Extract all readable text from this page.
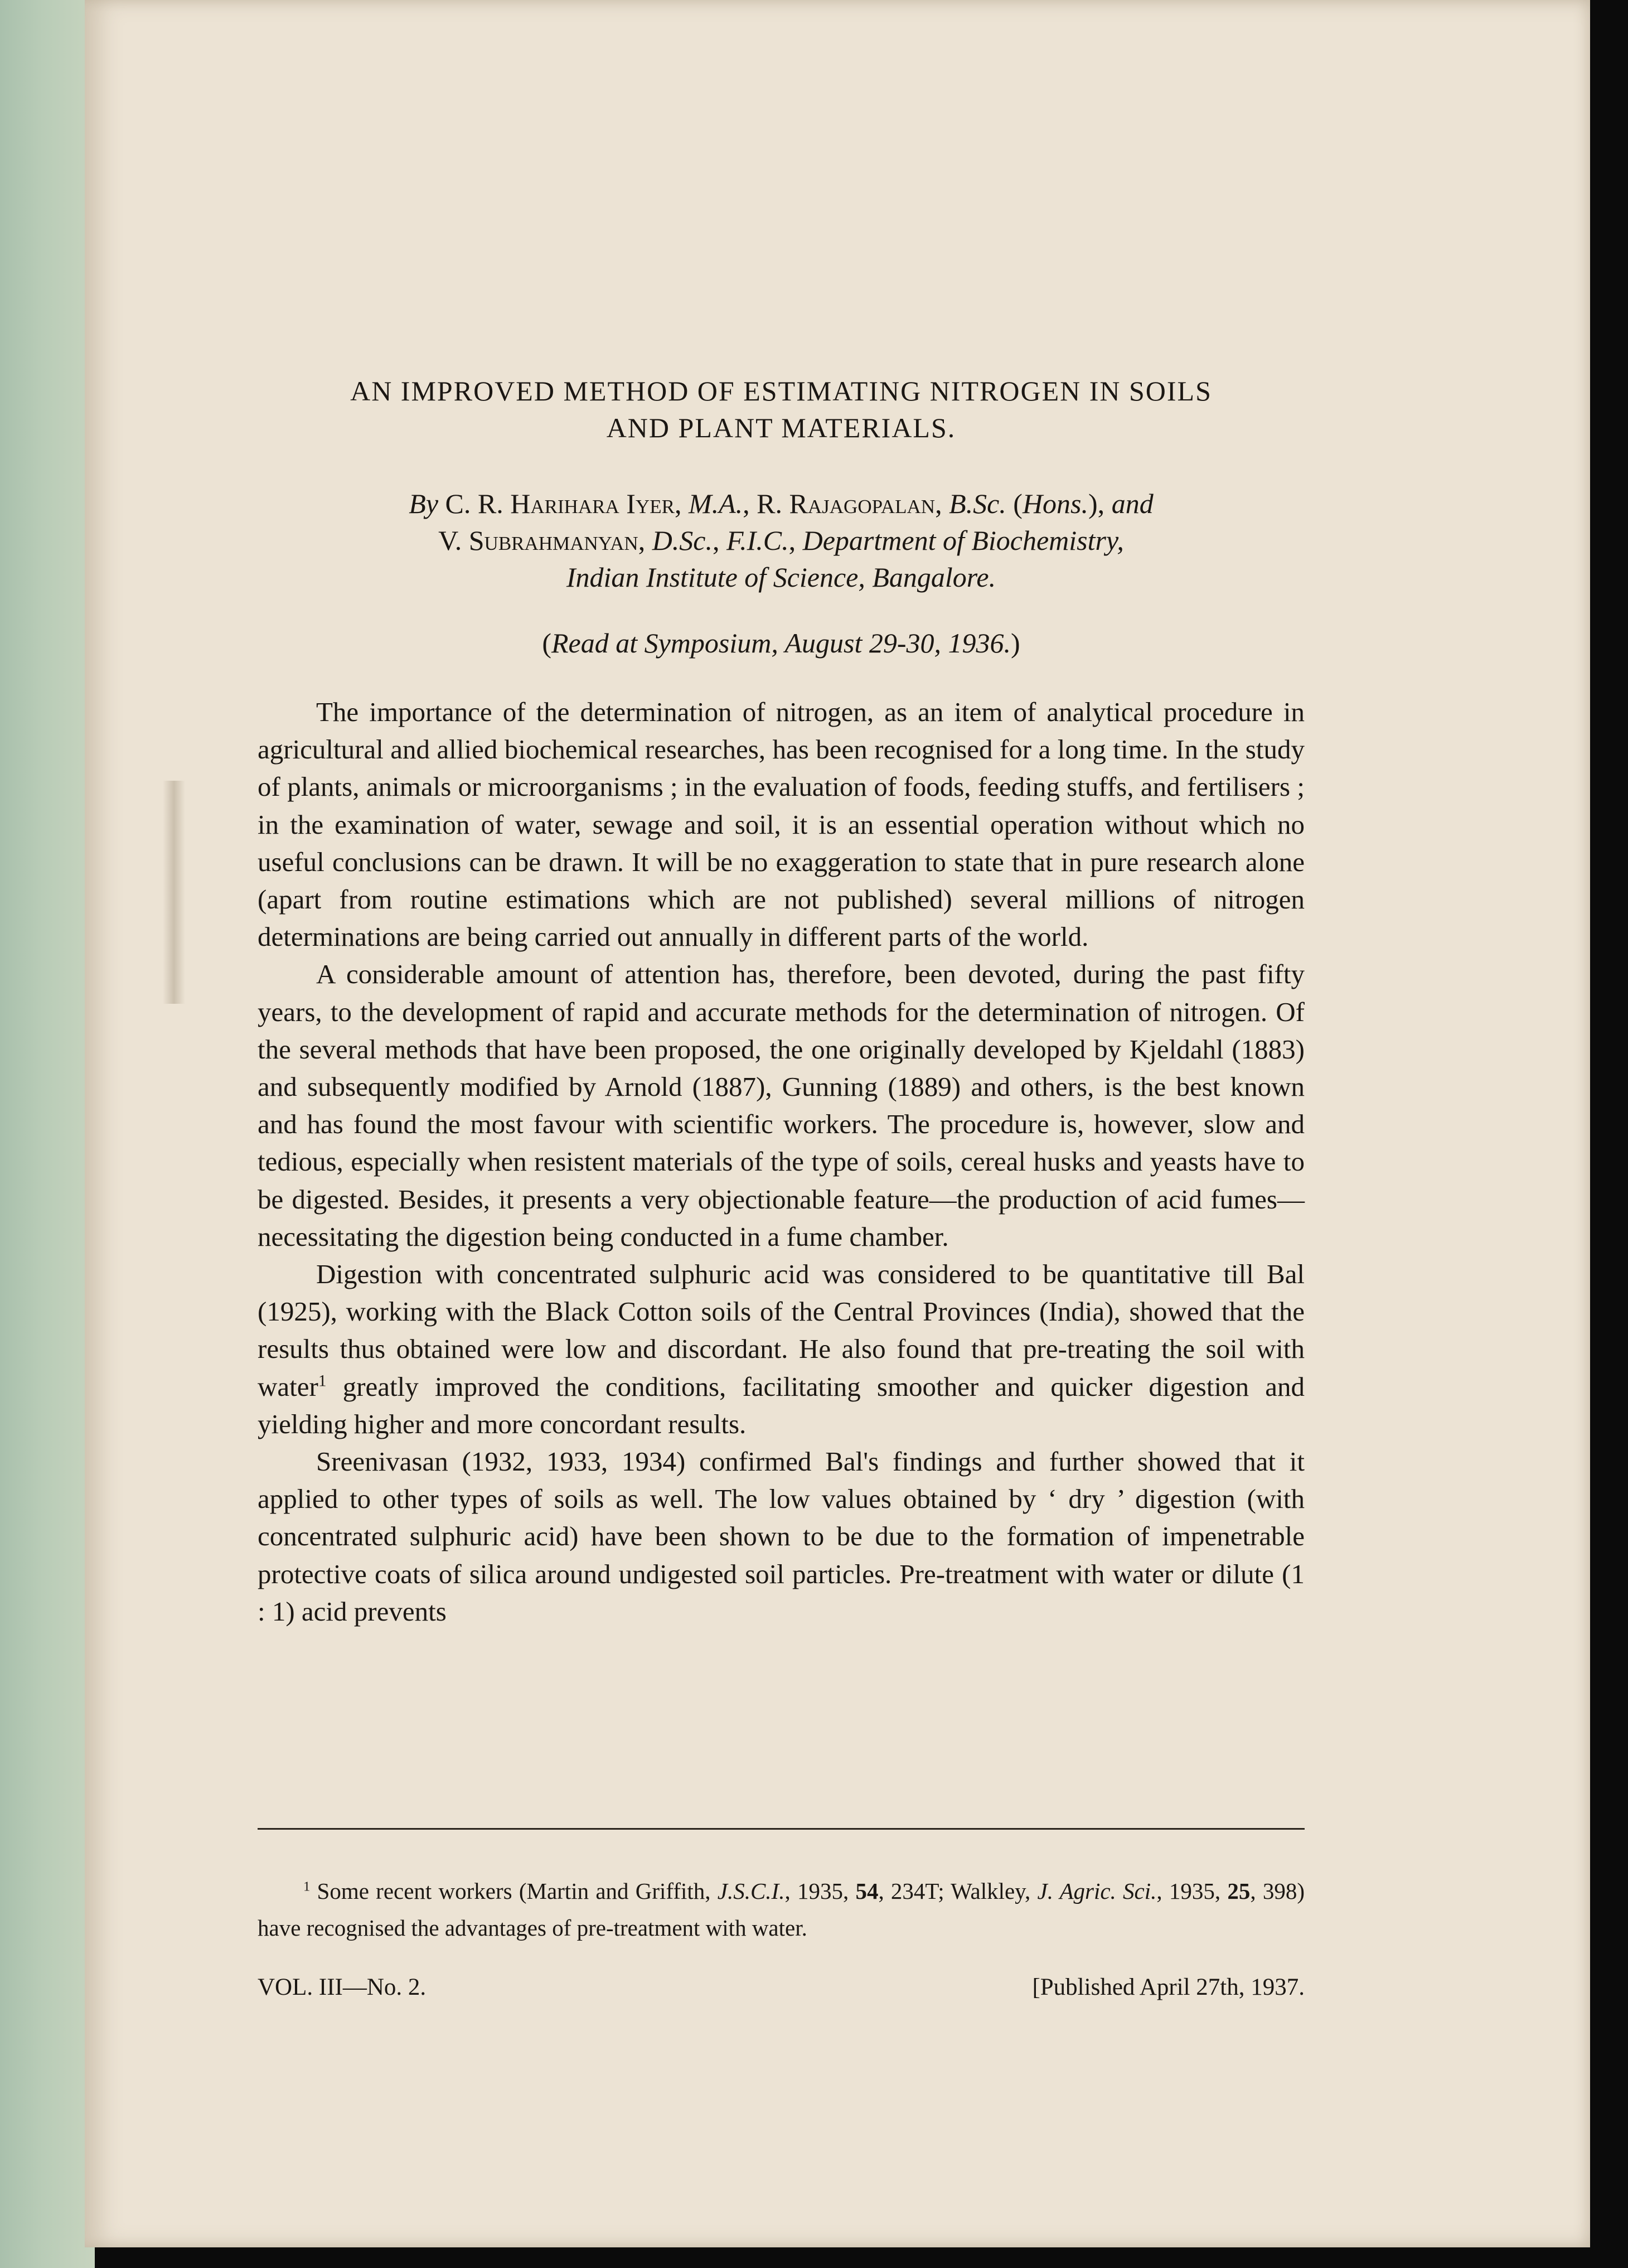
AN IMPROVED METHOD OF ESTIMATING NITROGEN IN SOILS
AND PLANT MATERIALS.
By C. R. Harihara Iyer, M.A., R. Rajagopalan, B.Sc. (Hons.), and
V. Subrahmanyan, D.Sc., F.I.C., Department of Biochemistry,
Indian Institute of Science, Bangalore.
(Read at Symposium, August 29-30, 1936.)

The importance of the determination of nitrogen, as an item of analytical procedure in agricultural and allied biochemical researches, has been recognised for a long time. In the study of plants, animals or microorganisms ; in the evaluation of foods, feeding stuffs, and fertilisers ; in the examination of water, sewage and soil, it is an essential operation without which no useful conclusions can be drawn. It will be no exaggeration to state that in pure research alone (apart from routine estimations which are not published) several millions of nitrogen determinations are being carried out annually in different parts of the world.

A considerable amount of attention has, therefore, been devoted, during the past fifty years, to the development of rapid and accurate methods for the determination of nitrogen. Of the several methods that have been proposed, the one originally developed by Kjeldahl (1883) and subsequently modified by Arnold (1887), Gunning (1889) and others, is the best known and has found the most favour with scientific workers. The procedure is, however, slow and tedious, especially when resistent materials of the type of soils, cereal husks and yeasts have to be digested. Besides, it presents a very objectionable feature—the production of acid fumes—necessitating the digestion being conducted in a fume chamber.

Digestion with concentrated sulphuric acid was considered to be quantitative till Bal (1925), working with the Black Cotton soils of the Central Provinces (India), showed that the results thus obtained were low and discordant. He also found that pre-treating the soil with water$^1$ greatly improved the conditions, facilitating smoother and quicker digestion and yielding higher and more concordant results.

Sreenivasan (1932, 1933, 1934) confirmed Bal's findings and further showed that it applied to other types of soils as well. The low values obtained by ‘ dry ’ digestion (with concentrated sulphuric acid) have been shown to be due to the formation of impenetrable protective coats of silica around undigested soil particles. Pre-treatment with water or dilute (1 : 1) acid prevents

$^1$ Some recent workers (Martin and Griffith, J.S.C.I., 1935, 54, 234T; Walkley, J. Agric. Sci., 1935, 25, 398) have recognised the advantages of pre-treatment with water.

VOL. III—No. 2.	[Published April 27th, 1937.
